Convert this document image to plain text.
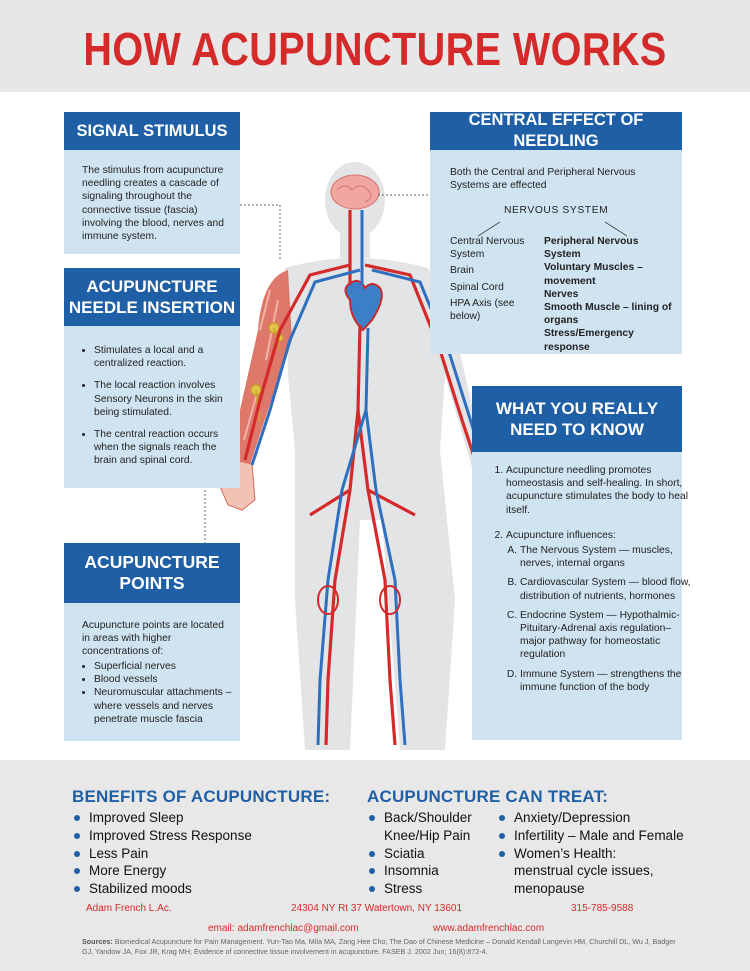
HOW ACUPUNCTURE WORKS
SIGNAL STIMULUS

The stimulus from acupuncture needling creates a cascade of signaling throughout the connective tissue (fascia) involving the blood, nerves and immune system.

ACUPUNCTURE
NEEDLE INSERTION
• Stimulates a local and a centralized reaction.
• The local reaction involves Sensory Neurons in the skin being stimulated.
• The central reaction occurs when the signals reach the brain and spinal cord.
ACUPUNCTURE
POINTS

Acupuncture points are located in areas with higher concentrations of:

• Superficial nerves
• Blood vessels
• Neuromuscular attachments – where vessels and nerves penetrate muscle fascia
CENTRAL EFFECT OF NEEDLING

Both the Central and Peripheral Nervous Systems are effected

NERVOUS SYSTEM

Central Nervous System

Brain

Spinal Cord

HPA Axis (see below)

Peripheral Nervous System

Voluntary Muscles – movement

Nerves

Smooth Muscle – lining of organs

Stress/Emergency response

WHAT YOU REALLY
NEED TO KNOW
1. Acupuncture needling promotes homeostasis and self-healing. In short, acupuncture stimulates the body to heal itself.
2. Acupuncture influences:
A. The Nervous System — muscles, nerves, internal organs
B. Cardiovascular System — blood flow, distribution of nutrients, hormones
C. Endocrine System — Hypothalmic-Pituitary-Adrenal axis regulation– major pathway for homeostatic regulation
D. Immune System — strengthens the immune function of the body
BENEFITS OF ACUPUNCTURE:
Improved Sleep
Improved Stress Response
Less Pain
More Energy
Stabilized moods
ACUPUNCTURE CAN TREAT:
Back/Shoulder
Knee/Hip Pain
Sciatia
Insomnia
Stress
Anxiety/Depression
Infertility – Male and Female
Women’s Health:
menstrual cycle issues,
menopause
Adam French L.Ac.	24304 NY Rt 37 Watertown, NY 13601	315-785-9588
email: adamfrenchlac@gmail.com	www.adamfrenchlac.com
Sources: Biomedical Acupuncture for Pain Management. Yun-Tao Ma, Mila MA, Zang Hee Cho; The Dao of Chinese Medicine – Donald Kendall Langevin HM, Churchill DL, Wu J, Badger GJ, Yandow JA, Fox JR, Krag MH; Evidence of connective tissue involvement in acupuncture. FASEB J. 2002 Jun; 16(8):872-4.
